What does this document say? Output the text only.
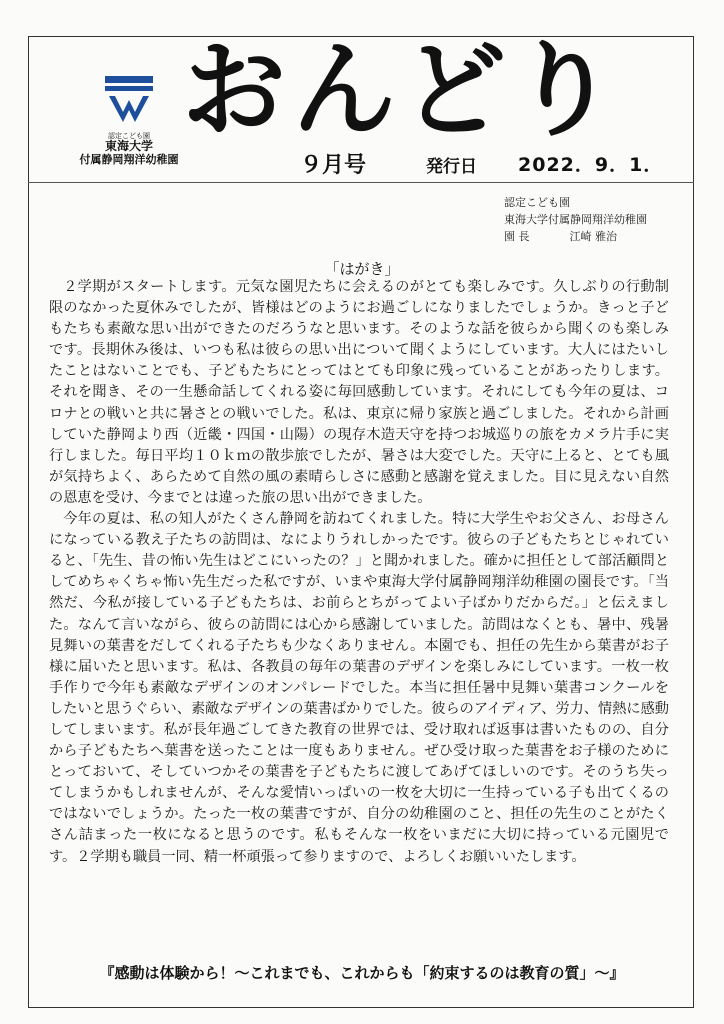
認定こども園
東海大学
付属静岡翔洋幼稚園
おんどり
９月号	発行日 2022．9．1．
認定こども園
東海大学付属静岡翔洋幼稚園
園 長	江崎 雅治
「はがき」

２学期がスタートします。元気な園児たちに会えるのがとても楽しみです。久しぶりの行動制限のなかった夏休みでしたが、皆様はどのようにお過ごしになりましたでしょうか。きっと子どもたちも素敵な思い出ができたのだろうなと思います。そのような話を彼らから聞くのも楽しみです。長期休み後は、いつも私は彼らの思い出について聞くようにしています。大人にはたいしたことはないことでも、子どもたちにとってはとても印象に残っていることがあったりします。それを聞き、その一生懸命話してくれる姿に毎回感動しています。それにしても今年の夏は、コロナとの戦いと共に暑さとの戦いでした。私は、東京に帰り家族と過ごしました。それから計画していた静岡より西（近畿・四国・山陽）の現存木造天守を持つお城巡りの旅をカメラ片手に実行しました。毎日平均１０ｋｍの散歩旅でしたが、暑さは大変でした。天守に上ると、とても風が気持ちよく、あらためて自然の風の素晴らしさに感動と感謝を覚えました。目に見えない自然の恩恵を受け、今までとは違った旅の思い出ができました。

今年の夏は、私の知人がたくさん静岡を訪ねてくれました。特に大学生やお父さん、お母さんになっている教え子たちの訪問は、なによりうれしかったです。彼らの子どもたちとじゃれていると、「先生、昔の怖い先生はどこにいったの？」と聞かれました。確かに担任として部活顧問としてめちゃくちゃ怖い先生だった私ですが、いまや東海大学付属静岡翔洋幼稚園の園長です。「当然だ、今私が接している子どもたちは、お前らとちがってよい子ばかりだからだ。」と伝えました。なんて言いながら、彼らの訪問には心から感謝していました。訪問はなくとも、暑中、残暑見舞いの葉書をだしてくれる子たちも少なくありません。本園でも、担任の先生から葉書がお子様に届いたと思います。私は、各教員の毎年の葉書のデザインを楽しみにしています。一枚一枚手作りで今年も素敵なデザインのオンパレードでした。本当に担任暑中見舞い葉書コンクールをしたいと思うぐらい、素敵なデザインの葉書ばかりでした。彼らのアイディア、労力、情熱に感動してしまいます。私が長年過ごしてきた教育の世界では、受け取れば返事は書いたものの、自分から子どもたちへ葉書を送ったことは一度もありません。ぜひ受け取った葉書をお子様のためにとっておいて、そしていつかその葉書を子どもたちに渡してあげてほしいのです。そのうち失ってしまうかもしれませんが、そんな愛情いっぱいの一枚を大切に一生持っている子も出てくるのではないでしょうか。たった一枚の葉書ですが、自分の幼稚園のこと、担任の先生のことがたくさん詰まった一枚になると思うのです。私もそんな一枚をいまだに大切に持っている元園児です。２学期も職員一同、精一杯頑張って参りますので、よろしくお願いいたします。

『感動は体験から！～これまでも、これからも「約束するのは教育の質」～』
